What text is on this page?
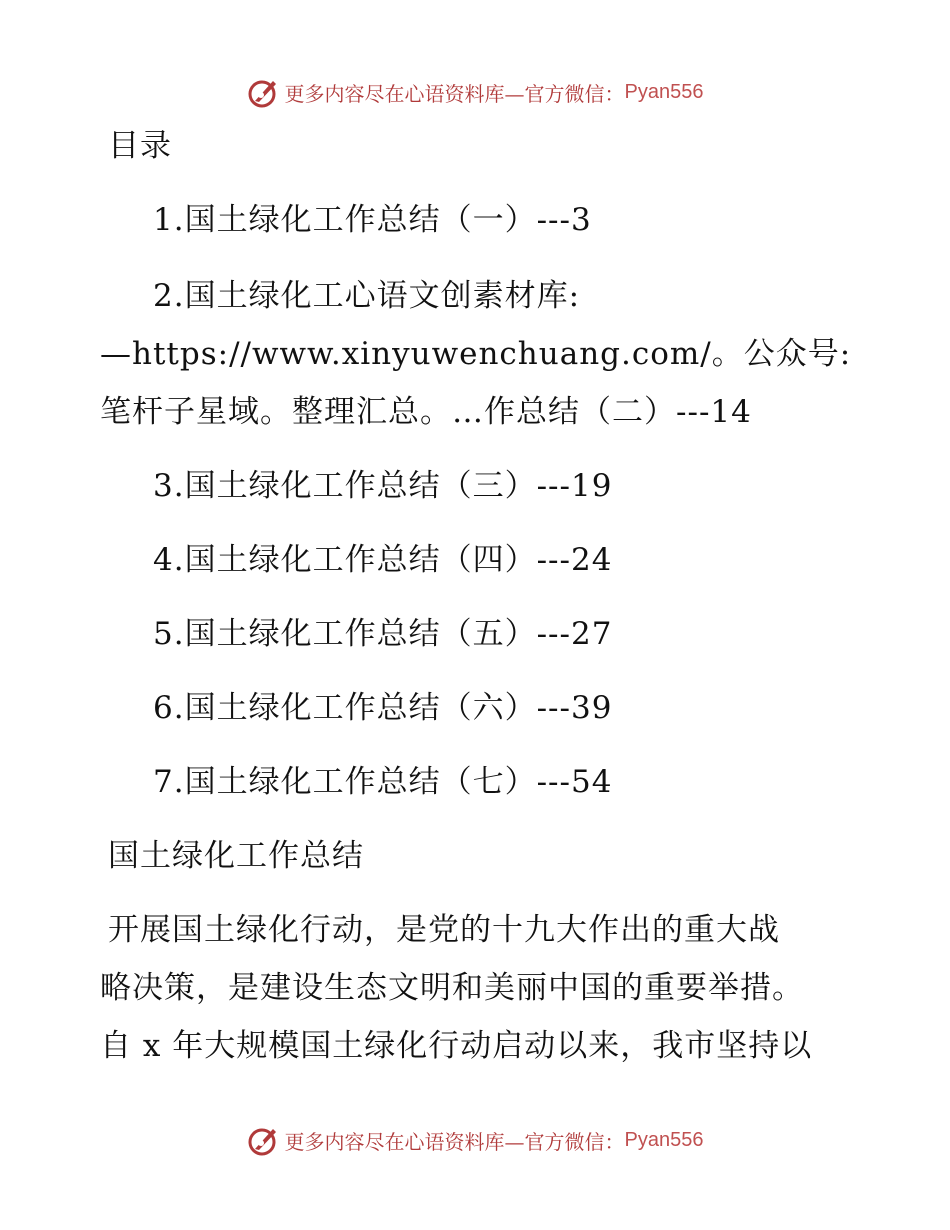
更多内容尽在心语资料库—官方微信： Pyan556
目录
1.国土绿化工作总结（一）---3
2.国土绿化工心语文创素材库:
—https://www.xinyuwenchuang.com/。公众号:
笔杆子星域。整理汇总。…作总结（二）---14
3.国土绿化工作总结（三）---19
4.国土绿化工作总结（四）---24
5.国土绿化工作总结（五）---27
6.国土绿化工作总结（六）---39
7.国土绿化工作总结（七）---54
国土绿化工作总结
开展国土绿化行动，是党的十九大作出的重大战
略决策，是建设生态文明和美丽中国的重要举措。
自 x 年大规模国土绿化行动启动以来，我市坚持以
更多内容尽在心语资料库—官方微信： Pyan556
